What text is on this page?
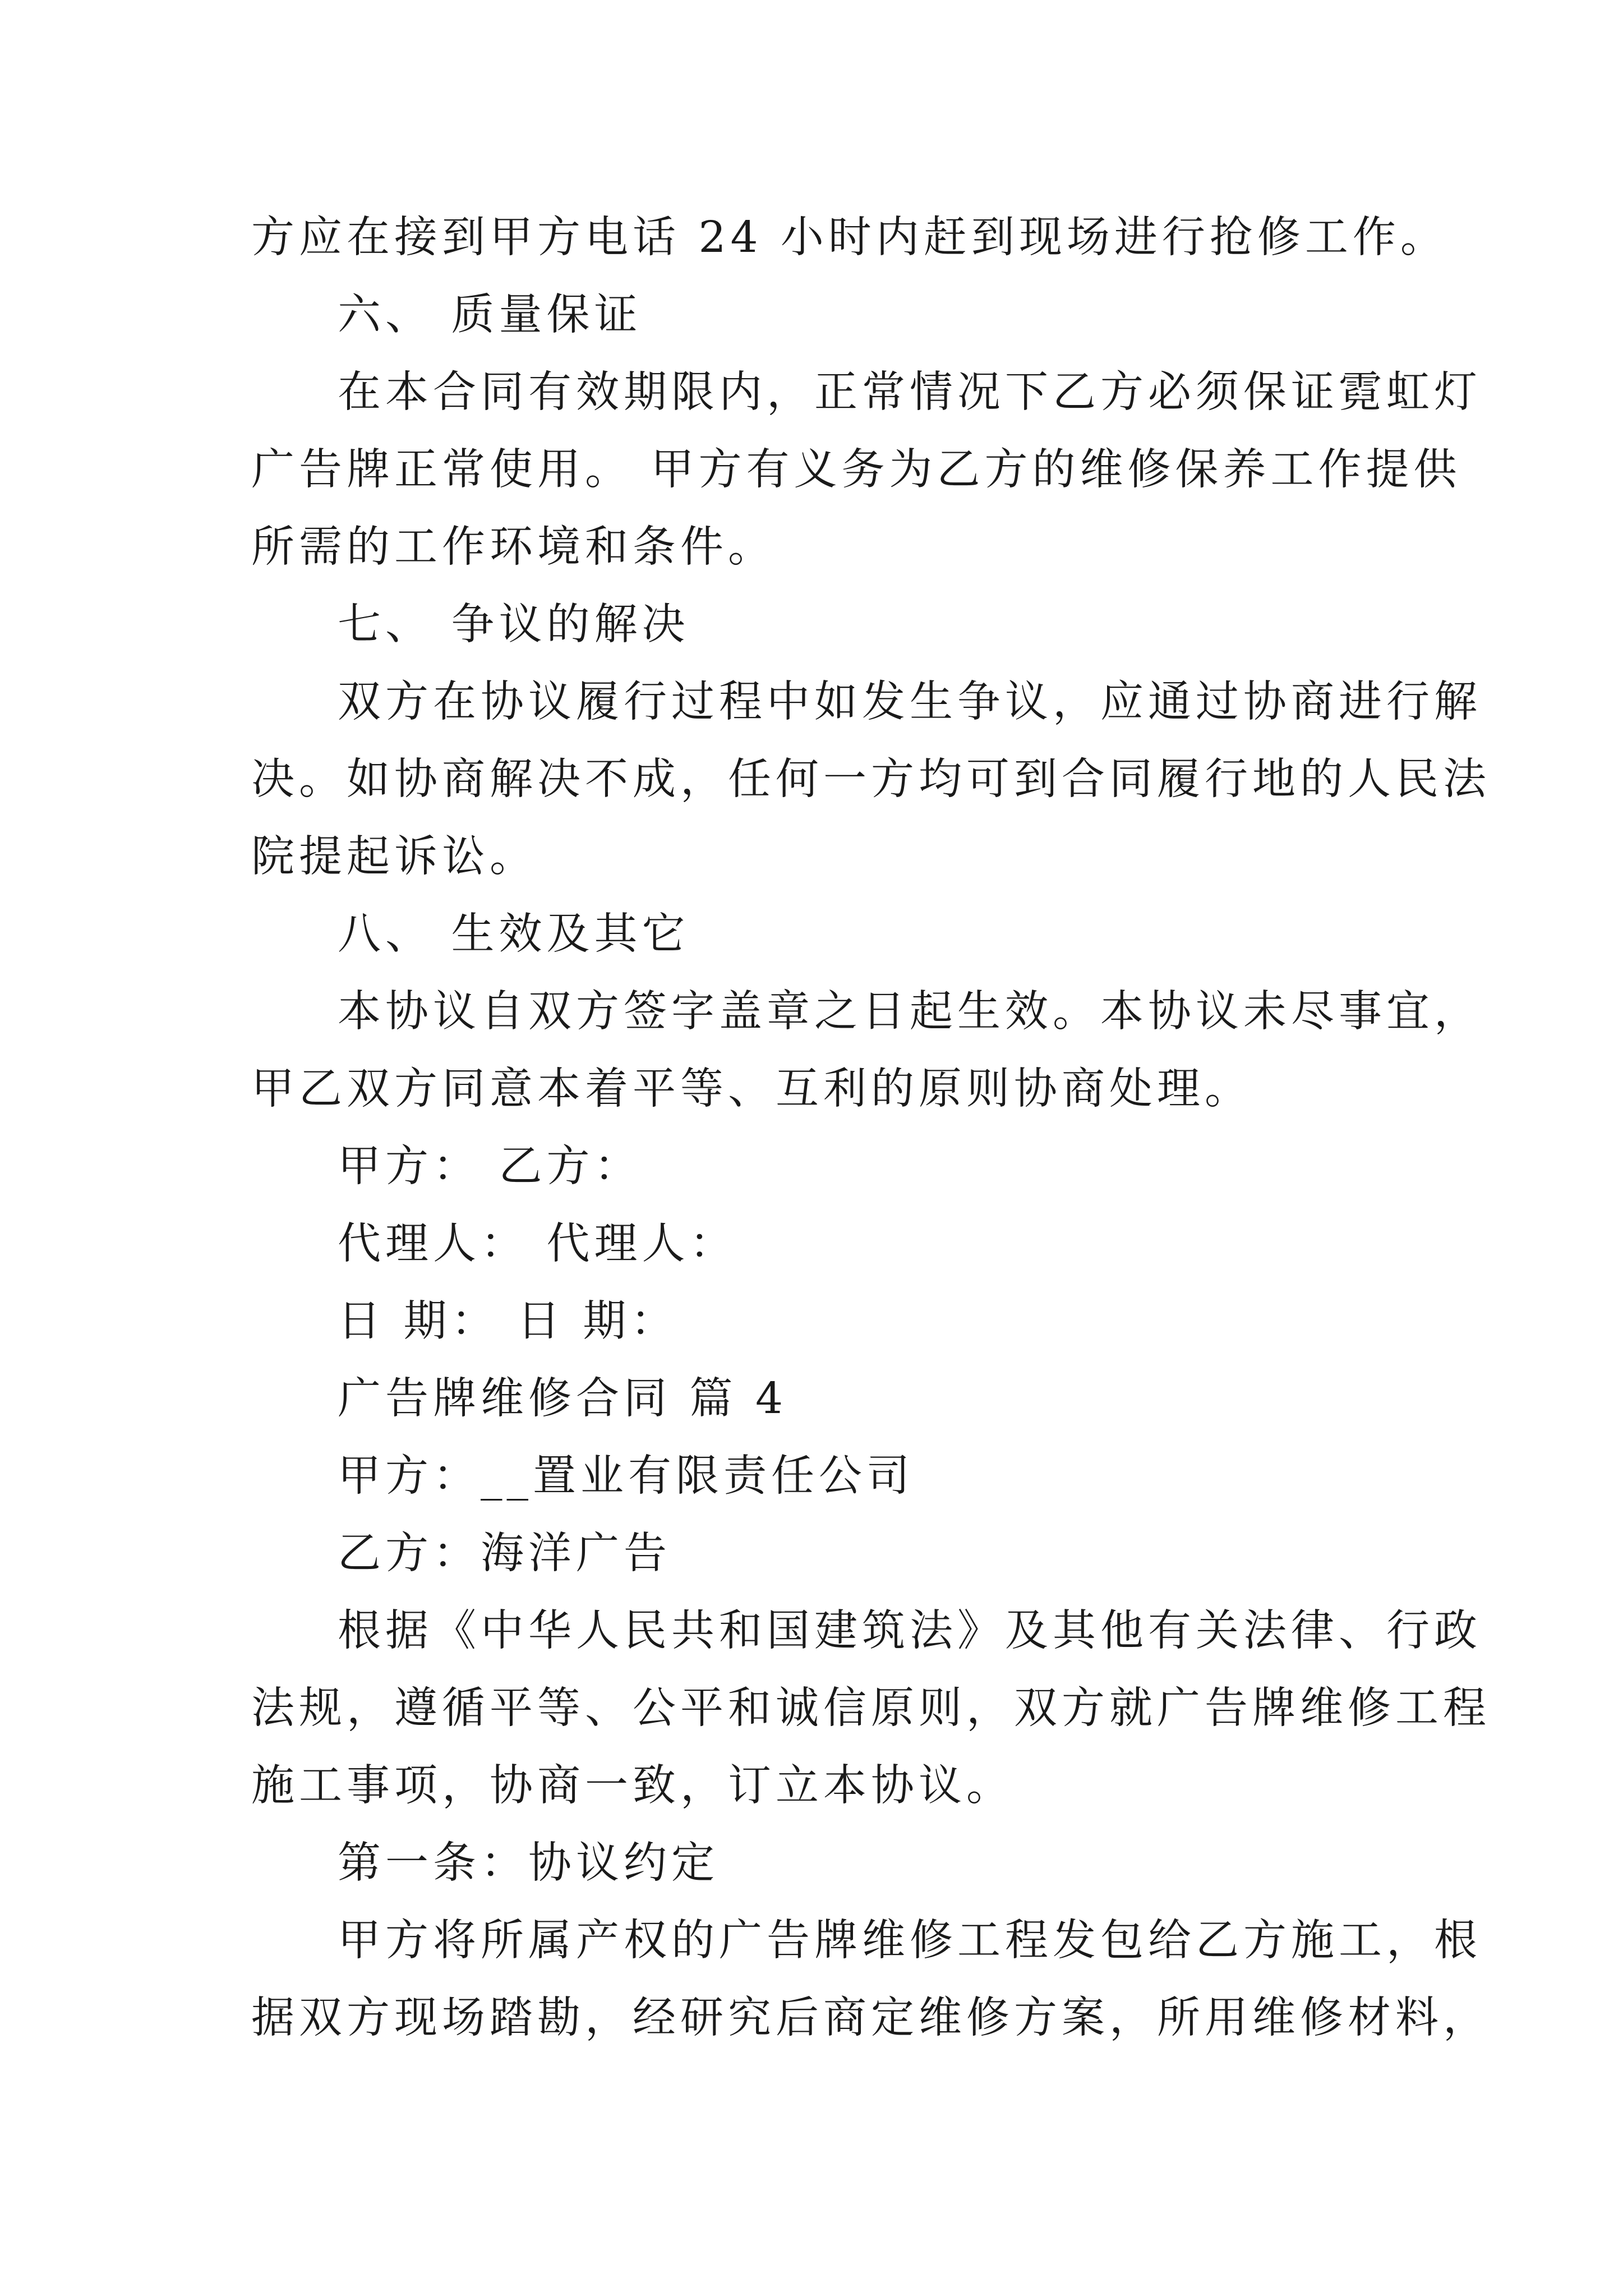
方应在接到甲方电话 24 小时内赶到现场进行抢修工作。
六、 质量保证
在本合同有效期限内，正常情况下乙方必须保证霓虹灯
广告牌正常使用。 甲方有义务为乙方的维修保养工作提供
所需的工作环境和条件。
七、 争议的解决
双方在协议履行过程中如发生争议，应通过协商进行解
决。如协商解决不成，任何一方均可到合同履行地的人民法
院提起诉讼。
八、 生效及其它
本协议自双方签字盖章之日起生效。本协议未尽事宜，
甲乙双方同意本着平等、互利的原则协商处理。
甲方： 乙方：
代理人： 代理人：
日 期： 日 期：
广告牌维修合同 篇 4
甲方：__置业有限责任公司
乙方：海洋广告
根据《中华人民共和国建筑法》及其他有关法律、行政
法规，遵循平等、公平和诚信原则，双方就广告牌维修工程
施工事项，协商一致，订立本协议。
第一条：协议约定
甲方将所属产权的广告牌维修工程发包给乙方施工，根
据双方现场踏勘，经研究后商定维修方案，所用维修材料，
